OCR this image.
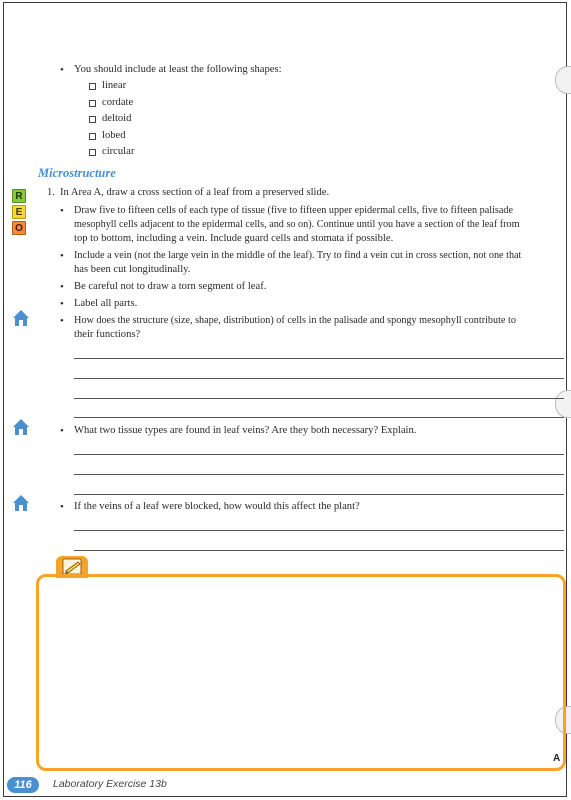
• You should include at least the following shapes:
linear
cordate
deltoid
lobed
circular
Microstructure
R
E
O
1. In Area A, draw a cross section of a leaf from a preserved slide.
• Draw five to fifteen cells of each type of tissue (five to fifteen upper epidermal cells, five to fifteen palisade
mesophyll cells adjacent to the epidermal cells, and so on). Continue until you have a section of the leaf from
top to bottom, including a vein. Include guard cells and stomata if possible.
• Include a vein (not the large vein in the middle of the leaf). Try to find a vein cut in cross section, not one that
has been cut longitudinally.
• Be careful not to draw a torn segment of leaf.
• Label all parts.
• How does the structure (size, shape, distribution) of cells in the palisade and spongy mesophyll contribute to
their functions?
• What two tissue types are found in leaf veins? Are they both necessary? Explain.
• If the veins of a leaf were blocked, how would this affect the plant?
A
116	Laboratory Exercise 13b
